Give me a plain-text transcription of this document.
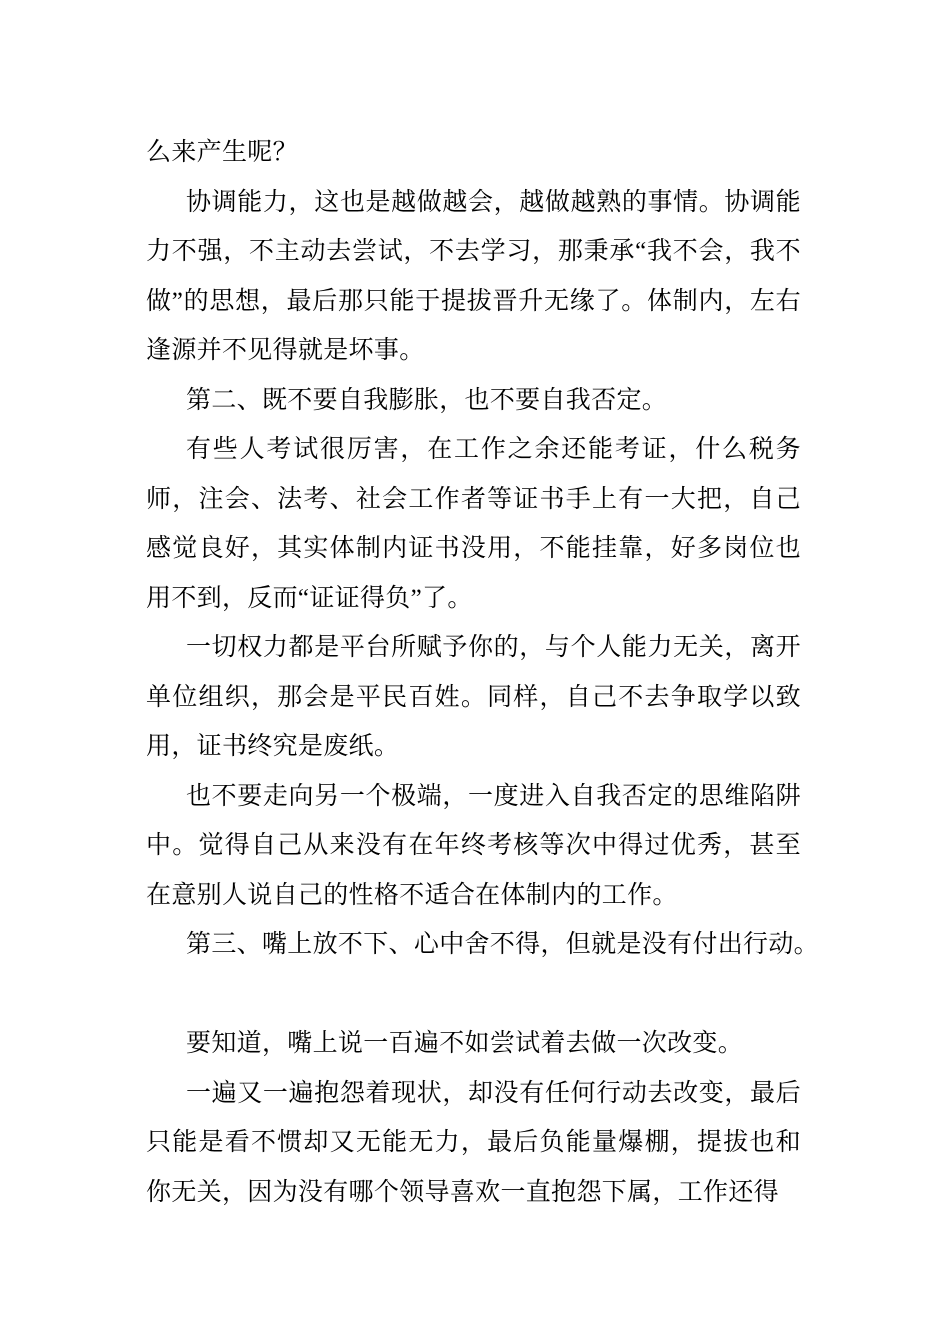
么来产生呢？

协调能力，这也是越做越会，越做越熟的事情。协调能力不强，不主动去尝试，不去学习，那秉承“我不会，我不做”的思想，最后那只能于提拔晋升无缘了。体制内，左右逢源并不见得就是坏事。

第二、既不要自我膨胀，也不要自我否定。

有些人考试很厉害，在工作之余还能考证，什么税务师，注会、法考、社会工作者等证书手上有一大把，自己感觉良好，其实体制内证书没用，不能挂靠，好多岗位也用不到，反而“证证得负”了。

一切权力都是平台所赋予你的，与个人能力无关，离开单位组织，那会是平民百姓。同样，自己不去争取学以致用，证书终究是废纸。

也不要走向另一个极端，一度进入自我否定的思维陷阱中。觉得自己从来没有在年终考核等次中得过优秀，甚至在意别人说自己的性格不适合在体制内的工作。

第三、嘴上放不下、心中舍不得，但就是没有付出行动。

要知道，嘴上说一百遍不如尝试着去做一次改变。

一遍又一遍抱怨着现状，却没有任何行动去改变，最后只能是看不惯却又无能无力，最后负能量爆棚，提拔也和你无关，因为没有哪个领导喜欢一直抱怨下属，工作还得
